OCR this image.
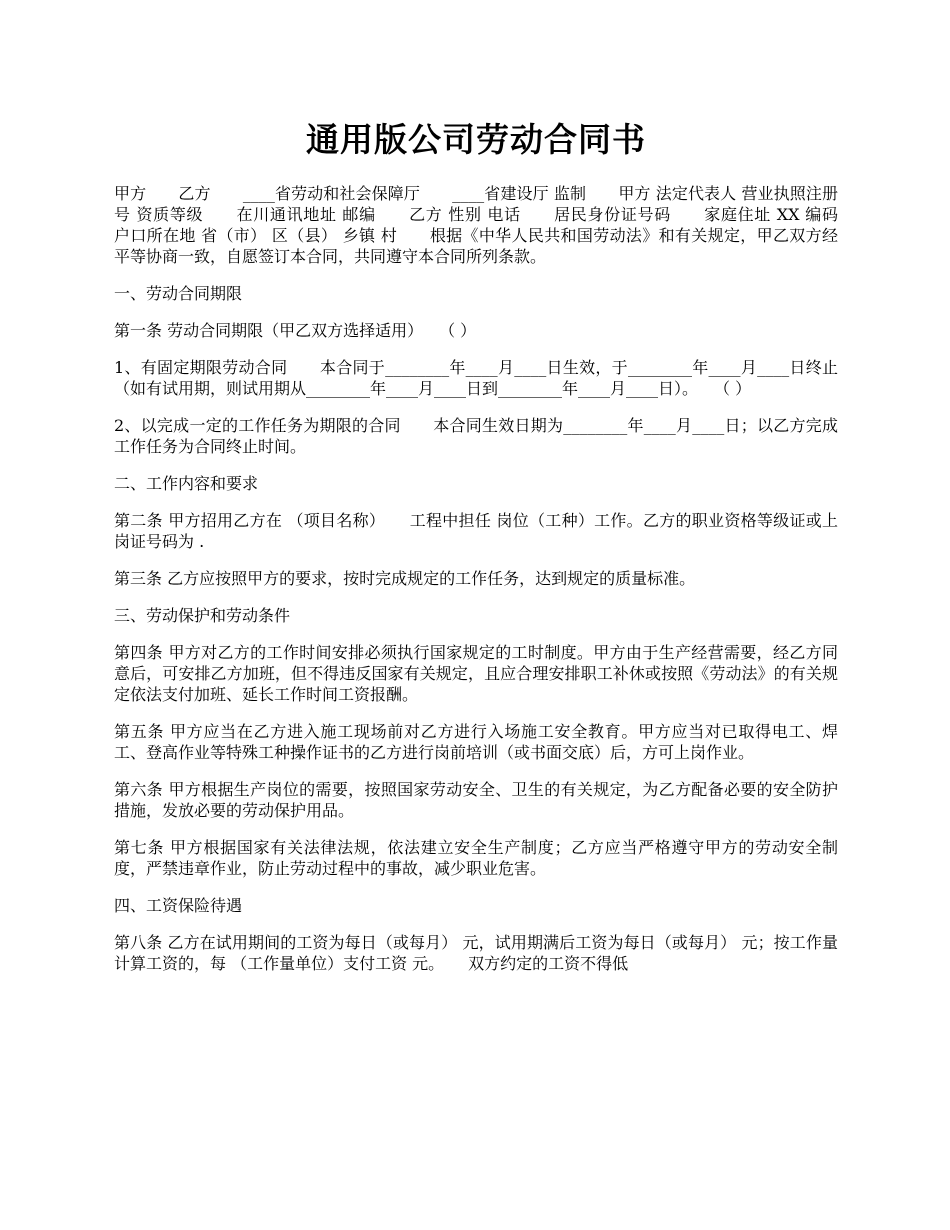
通用版公司劳动合同书

甲方　　乙方　　____省劳动和社会保障厅　　____省建设厅 监制　　甲方 法定代表人 营业执照注册号 资质等级　　在川通讯地址 邮编　　乙方 性别 电话　　居民身份证号码　　家庭住址 XX 编码　　户口所在地 省（市） 区（县） 乡镇 村　　根据《中华人民共和国劳动法》和有关规定，甲乙双方经平等协商一致，自愿签订本合同，共同遵守本合同所列条款。

一、劳动合同期限

第一条 劳动合同期限（甲乙双方选择适用）　　（ ）

1、有固定期限劳动合同　　本合同于________年____月____日生效，于________年____月____日终止（如有试用期，则试用期从________年____月____日到________年____月____日）。　　（ ）

2、以完成一定的工作任务为期限的合同　　本合同生效日期为________年____月____日；以乙方完成　　工作任务为合同终止时间。

二、工作内容和要求

第二条 甲方招用乙方在 （项目名称）　　工程中担任 岗位（工种）工作。乙方的职业资格等级证或上岗证号码为 .

第三条 乙方应按照甲方的要求，按时完成规定的工作任务，达到规定的质量标准。

三、劳动保护和劳动条件

第四条 甲方对乙方的工作时间安排必须执行国家规定的工时制度。甲方由于生产经营需要，经乙方同意后，可安排乙方加班，但不得违反国家有关规定，且应合理安排职工补休或按照《劳动法》的有关规定依法支付加班、延长工作时间工资报酬。

第五条 甲方应当在乙方进入施工现场前对乙方进行入场施工安全教育。甲方应当对已取得电工、焊工、登高作业等特殊工种操作证书的乙方进行岗前培训（或书面交底）后，方可上岗作业。

第六条 甲方根据生产岗位的需要，按照国家劳动安全、卫生的有关规定，为乙方配备必要的安全防护措施，发放必要的劳动保护用品。

第七条 甲方根据国家有关法律法规，依法建立安全生产制度；乙方应当严格遵守甲方的劳动安全制度，严禁违章作业，防止劳动过程中的事故，减少职业危害。

四、工资保险待遇

第八条 乙方在试用期间的工资为每日（或每月） 元，试用期满后工资为每日（或每月） 元；按工作量计算工资的，每 （工作量单位）支付工资 元。　　双方约定的工资不得低
